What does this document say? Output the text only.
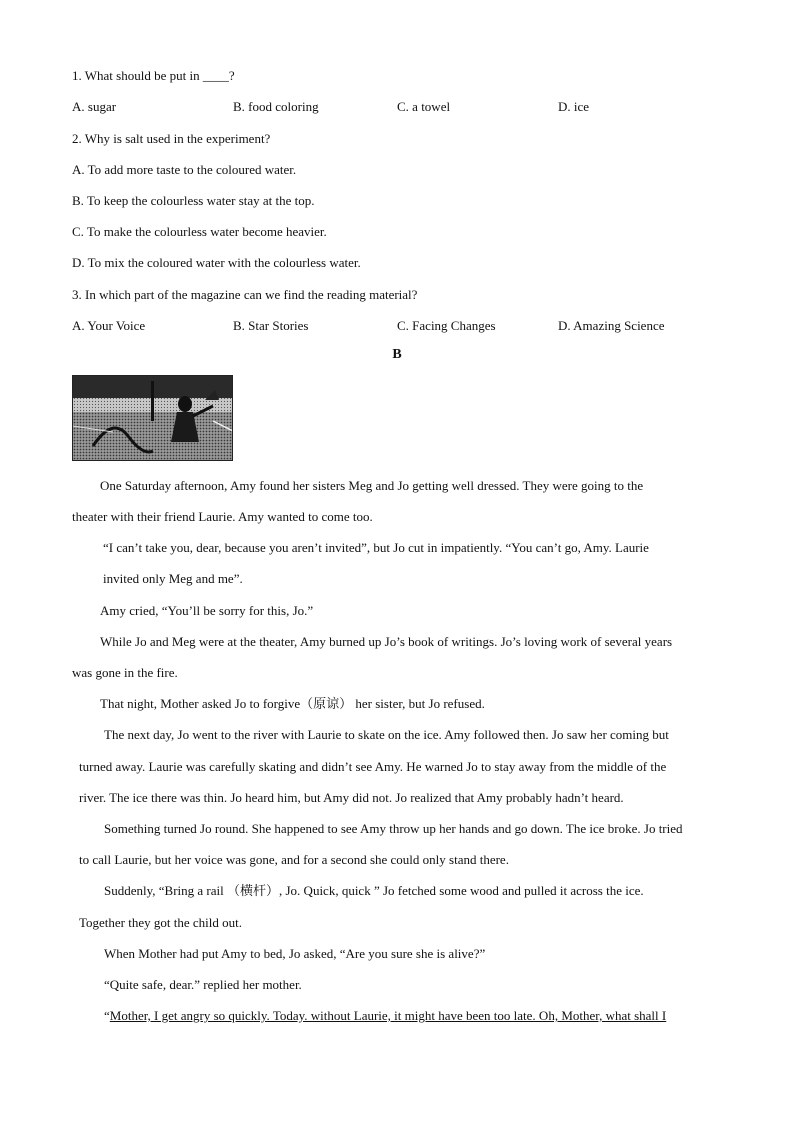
1. What should be put in ____?
A. sugar	B. food coloring	C. a towel	D. ice
2. Why is salt used in the experiment?
A. To add more taste to the coloured water.
B. To keep the colourless water stay at the top.
C. To make the colourless water become heavier.
D. To mix the coloured water with the colourless water.
3. In which part of the magazine can we find the reading material?
A. Your Voice	B. Star Stories	C. Facing Changes	D. Amazing Science
B
One Saturday afternoon, Amy found her sisters Meg and Jo getting well dressed. They were going to the
theater with their friend Laurie. Amy wanted to come too.
“I can’t take you, dear, because you aren’t invited”, but Jo cut in impatiently. “You can’t go, Amy. Laurie
invited only Meg and me”.
Amy cried, “You’ll be sorry for this, Jo.”
While Jo and Meg were at the theater, Amy burned up Jo’s book of writings. Jo’s loving work of several years
was gone in the fire.
That night, Mother asked Jo to forgive（原谅） her sister, but Jo refused.
The next day, Jo went to the river with Laurie to skate on the ice. Amy followed then. Jo saw her coming but
turned away. Laurie was carefully skating and didn’t see Amy. He warned Jo to stay away from the middle of the
river. The ice there was thin. Jo heard him, but Amy did not. Jo realized that Amy probably hadn’t heard.
Something turned Jo round. She happened to see Amy throw up her hands and go down. The ice broke. Jo tried
to call Laurie, but her voice was gone, and for a second she could only stand there.
Suddenly, “Bring a rail （横杆）, Jo. Quick, quick ” Jo fetched some wood and pulled it across the ice.
Together they got the child out.
When Mother had put Amy to bed, Jo asked, “Are you sure she is alive?”
“Quite safe, dear.” replied her mother.
“Mother, I get angry so quickly. Today. without Laurie, it might have been too late. Oh, Mother, what shall I
